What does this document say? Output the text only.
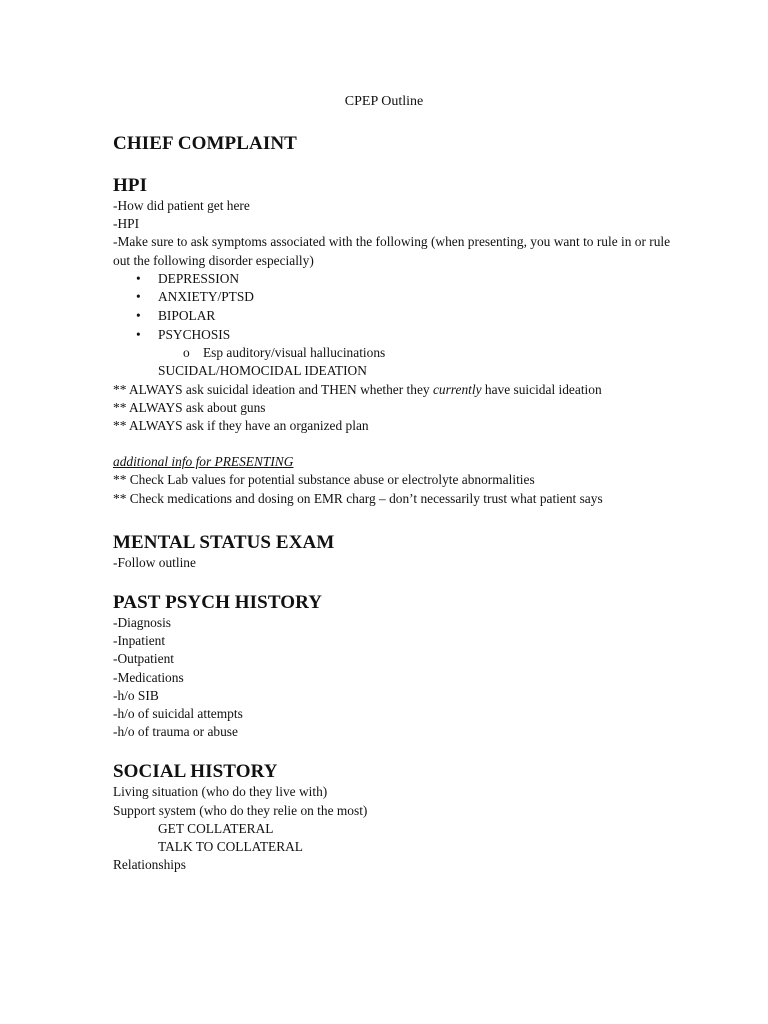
CPEP Outline
CHIEF COMPLAINT
HPI

-How did patient get here

-HPI

-Make sure to ask symptoms associated with the following (when presenting, you want to rule in or rule out the following disorder especially)

• DEPRESSION
• ANXIETY/PTSD
• BIPOLAR
• PSYCHOSIS
o Esp auditory/visual hallucinations
SUCIDAL/HOMOCIDAL IDEATION

** ALWAYS ask suicidal ideation and THEN whether they currently have suicidal ideation

** ALWAYS ask about guns

** ALWAYS ask if they have an organized plan

additional info for PRESENTING

** Check Lab values for potential substance abuse or electrolyte abnormalities

** Check medications and dosing on EMR charg – don’t necessarily trust what patient says

MENTAL STATUS EXAM

-Follow outline

PAST PSYCH HISTORY

-Diagnosis

-Inpatient

-Outpatient

-Medications

-h/o SIB

-h/o of suicidal attempts

-h/o of trauma or abuse

SOCIAL HISTORY

Living situation (who do they live with)

Support system (who do they relie on the most)

GET COLLATERAL
TALK TO COLLATERAL

Relationships
